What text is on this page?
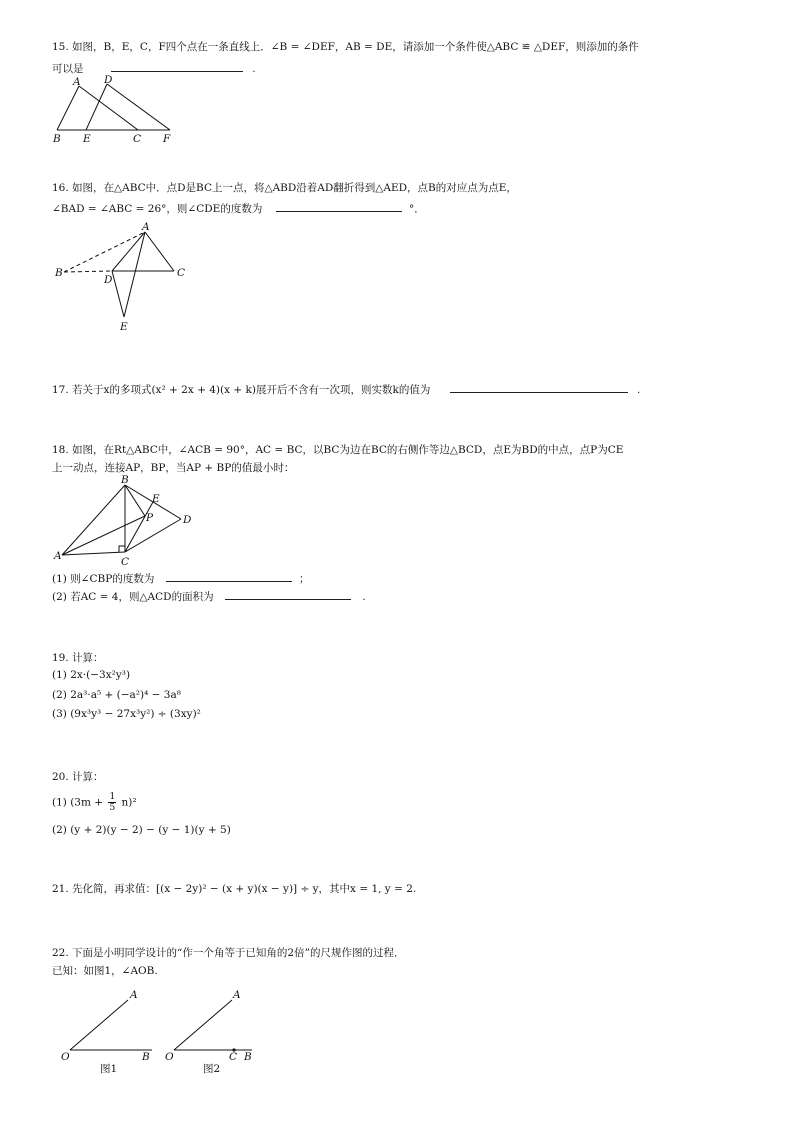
15. 如图，B，E，C，F四个点在一条直线上．∠B = ∠DEF，AB = DE，请添加一个条件使△ABC ≌ △DEF，则添加的条件
可以是	.
A D
B E	C F
16. 如图，在△ABC中．点D是BC上一点，将△ABD沿着AD翻折得到△AED，点B的对应点为点E，
∠BAD = ∠ABC = 26°，则∠CDE的度数为	°．
A
B	C
D
E
17. 若关于x的多项式(x² + 2x + 4)(x + k)展开后不含有一次项，则实数k的值为	.
18. 如图，在Rt△ABC中，∠ACB = 90°，AC = BC，以BC为边在BC的右侧作等边△BCD，点E为BD的中点，点P为CE
上一动点，连接AP，BP，当AP + BP的值最小时：
B
E
P	D
A	C
(1) 则∠CBP的度数为	；
(2) 若AC = 4，则△ACD的面积为	.
19. 计算：
(1) 2x·(−3x²y³)
(2) 2a³·a⁵ + (−a²)⁴ − 3a⁸
(3) (9x³y³ − 27x³y²) ÷ (3xy)²
20. 计算：
(1) $(3m + \frac{1}{5} n)^2$
(2) (y + 2)(y − 2) − (y − 1)(y + 5)
21. 先化简，再求值：[(x − 2y)² − (x + y)(x − y)] ÷ y，其中x = 1, y = 2.
22. 下面是小明同学设计的“作一个角等于已知角的2倍”的尺规作图的过程．
已知：如图1，∠AOB.
A
O	B
图1
A
O	C B
图2
